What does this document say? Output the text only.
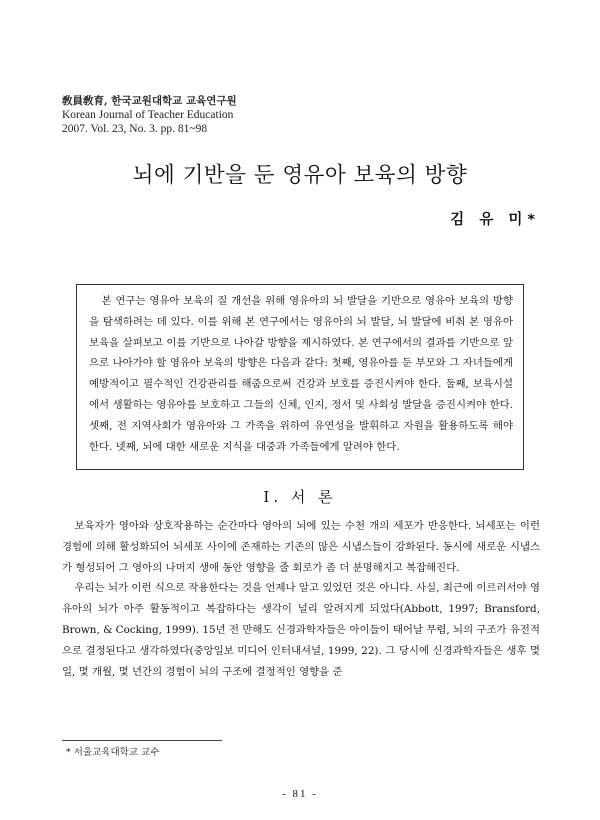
敎員敎育, 한국교원대학교 교육연구원
Korean Journal of Teacher Education
2007. Vol. 23, No. 3. pp. 81~98
뇌에 기반을 둔 영유아 보육의 방향
김 유 미*

본 연구는 영유아 보육의 질 개선을 위해 영유아의 뇌 발달을 기반으로 영유아 보육의 방향을 탐색하려는 데 있다. 이를 위해 본 연구에서는 영유아의 뇌 발달, 뇌 발달에 비춰 본 영유아 보육을 살펴보고 이를 기반으로 나아갈 방향을 제시하였다. 본 연구에서의 결과를 기반으로 앞으로 나아가야 할 영유아 보육의 방향은 다음과 같다: 첫째, 영유아를 둔 부모와 그 자녀들에게 예방적이고 필수적인 건강관리를 해줌으로써 건강과 보호를 증진시켜야 한다. 둘째, 보육시설에서 생활하는 영유아를 보호하고 그들의 신체, 인지, 정서 및 사회성 발달을 증진시켜야 한다. 셋째, 전 지역사회가 영유아와 그 가족을 위하여 유연성을 발휘하고 자원을 활용하도록 해야 한다. 넷째, 뇌에 대한 새로운 지식을 대중과 가족들에게 알려야 한다.

Ⅰ. 서 론

보육자가 영아와 상호작용하는 순간마다 영아의 뇌에 있는 수천 개의 세포가 반응한다. 뇌세포는 이런 경험에 의해 활성화되어 뇌세포 사이에 존재하는 기존의 많은 시냅스들이 강화된다. 동시에 새로운 시냅스가 형성되어 그 영아의 나머지 생애 동안 영향을 줄 회로가 좀 더 분명해지고 복잡해진다.

우리는 뇌가 이런 식으로 작용한다는 것을 언제나 알고 있었던 것은 아니다. 사실, 최근에 이르러서야 영유아의 뇌가 아주 활동적이고 복잡하다는 생각이 널리 알려지게 되었다(Abbott, 1997; Bransford, Brown, & Cocking, 1999). 15년 전 만해도 신경과학자들은 아이들이 태어날 무렵, 뇌의 구조가 유전적으로 결정된다고 생각하였다(중앙일보 미디어 인터내셔널, 1999, 22). 그 당시에 신경과학자들은 생후 몇 일, 몇 개월, 몇 년간의 경험이 뇌의 구조에 결정적인 영향을 준

* 서울교육대학교 교수
- 81 -
